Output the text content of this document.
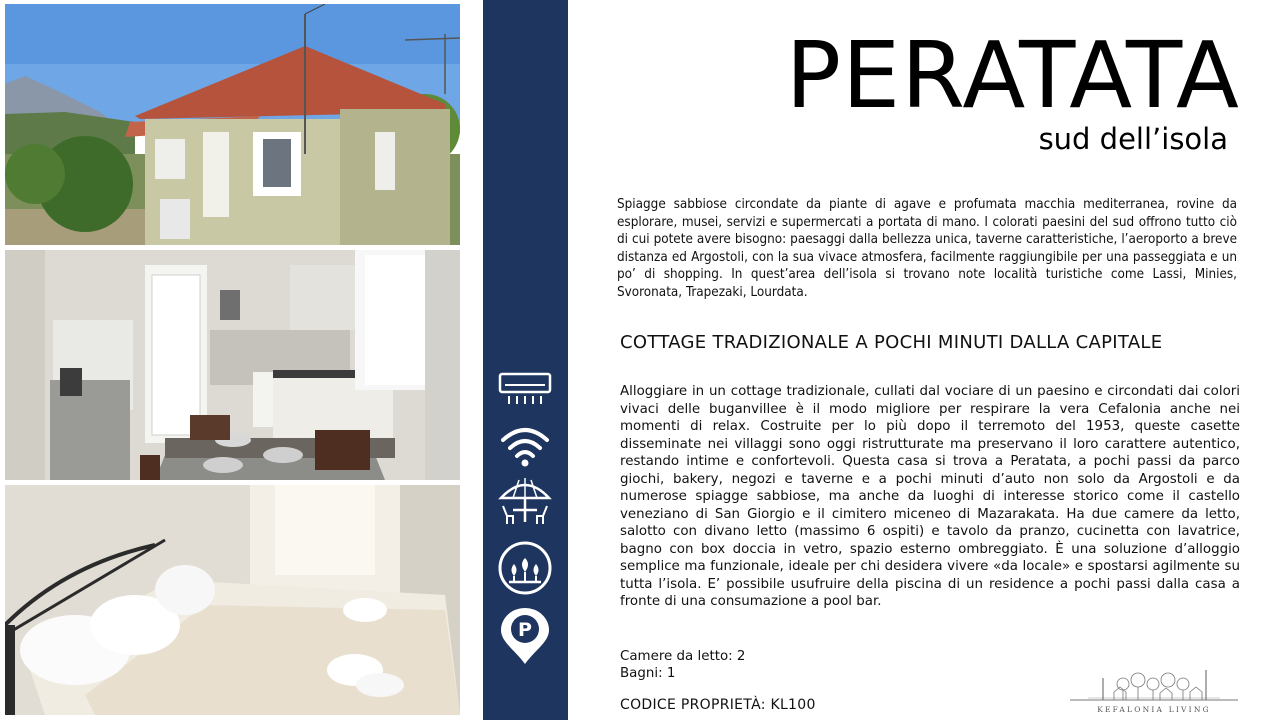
P
PERATATA
sud dell’isola

Spiagge sabbiose circondate da piante di agave e profumata macchia mediterranea, rovine da esplorare, musei, servizi e supermercati a portata di mano. I colorati paesini del sud offrono tutto ciò di cui potete avere bisogno: paesaggi dalla bellezza unica, taverne caratteristiche, l’aeroporto a breve distanza ed Argostoli, con la sua vivace atmosfera, facilmente raggiungibile per una passeggiata e un po’ di shopping. In quest’area dell’isola si trovano note località turistiche come Lassi, Minies, Svoronata, Trapezaki, Lourdata.

COTTAGE TRADIZIONALE A POCHI MINUTI DALLA CAPITALE

Alloggiare in un cottage tradizionale, cullati dal vociare di un paesino e circondati dai colori vivaci delle buganvillee è il modo migliore per respirare la vera Cefalonia anche nei momenti di relax. Costruite per lo più dopo il terremoto del 1953, queste casette disseminate nei villaggi sono oggi ristrutturate ma preservano il loro carattere autentico, restando intime e confortevoli. Questa casa si trova a Peratata, a pochi passi da parco giochi, bakery, negozi e taverne e a pochi minuti d’auto non solo da Argostoli e da numerose spiagge sabbiose, ma anche da luoghi di interesse storico come il castello veneziano di San Giorgio e il cimitero miceneo di Mazarakata. Ha due camere da letto, salotto con divano letto (massimo 6 ospiti) e tavolo da pranzo, cucinetta con lavatrice, bagno con box doccia in vetro, spazio esterno ombreggiato. È una soluzione d’alloggio semplice ma funzionale, ideale per chi desidera vivere «da locale» e spostarsi agilmente su tutta l’isola. E’ possibile usufruire della piscina di un residence a pochi passi dalla casa a fronte di una consumazione a pool bar.

Camere da letto: 2
Bagni: 1
CODICE PROPRIETÀ: KL100	KEFALONIA LIVING
